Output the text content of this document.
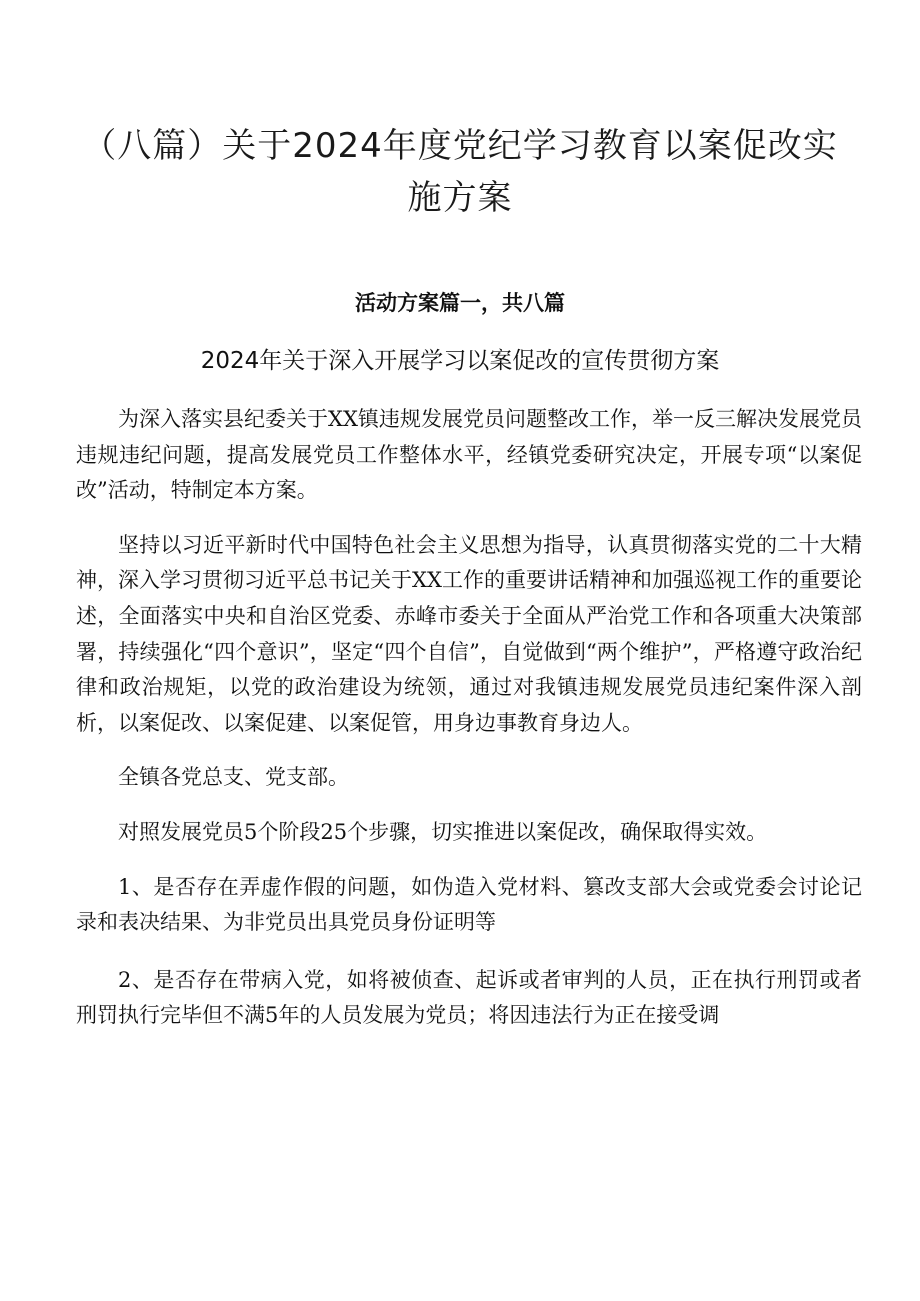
（八篇）关于2024年度党纪学习教育以案促改实施方案
活动方案篇一，共八篇
2024年关于深入开展学习以案促改的宣传贯彻方案

为深入落实县纪委关于XX镇违规发展党员问题整改工作，举一反三解决发展党员违规违纪问题，提高发展党员工作整体水平，经镇党委研究决定，开展专项“以案促改”活动，特制定本方案。

坚持以习近平新时代中国特色社会主义思想为指导，认真贯彻落实党的二十大精神，深入学习贯彻习近平总书记关于XX工作的重要讲话精神和加强巡视工作的重要论述，全面落实中央和自治区党委、赤峰市委关于全面从严治党工作和各项重大决策部署，持续强化“四个意识”，坚定“四个自信”，自觉做到“两个维护”，严格遵守政治纪律和政治规矩，以党的政治建设为统领，通过对我镇违规发展党员违纪案件深入剖析，以案促改、以案促建、以案促管，用身边事教育身边人。

全镇各党总支、党支部。

对照发展党员5个阶段25个步骤，切实推进以案促改，确保取得实效。

1、是否存在弄虚作假的问题，如伪造入党材料、篡改支部大会或党委会讨论记录和表决结果、为非党员出具党员身份证明等

2、是否存在带病入党，如将被侦查、起诉或者审判的人员，正在执行刑罚或者刑罚执行完毕但不满5年的人员发展为党员；将因违法行为正在接受调
